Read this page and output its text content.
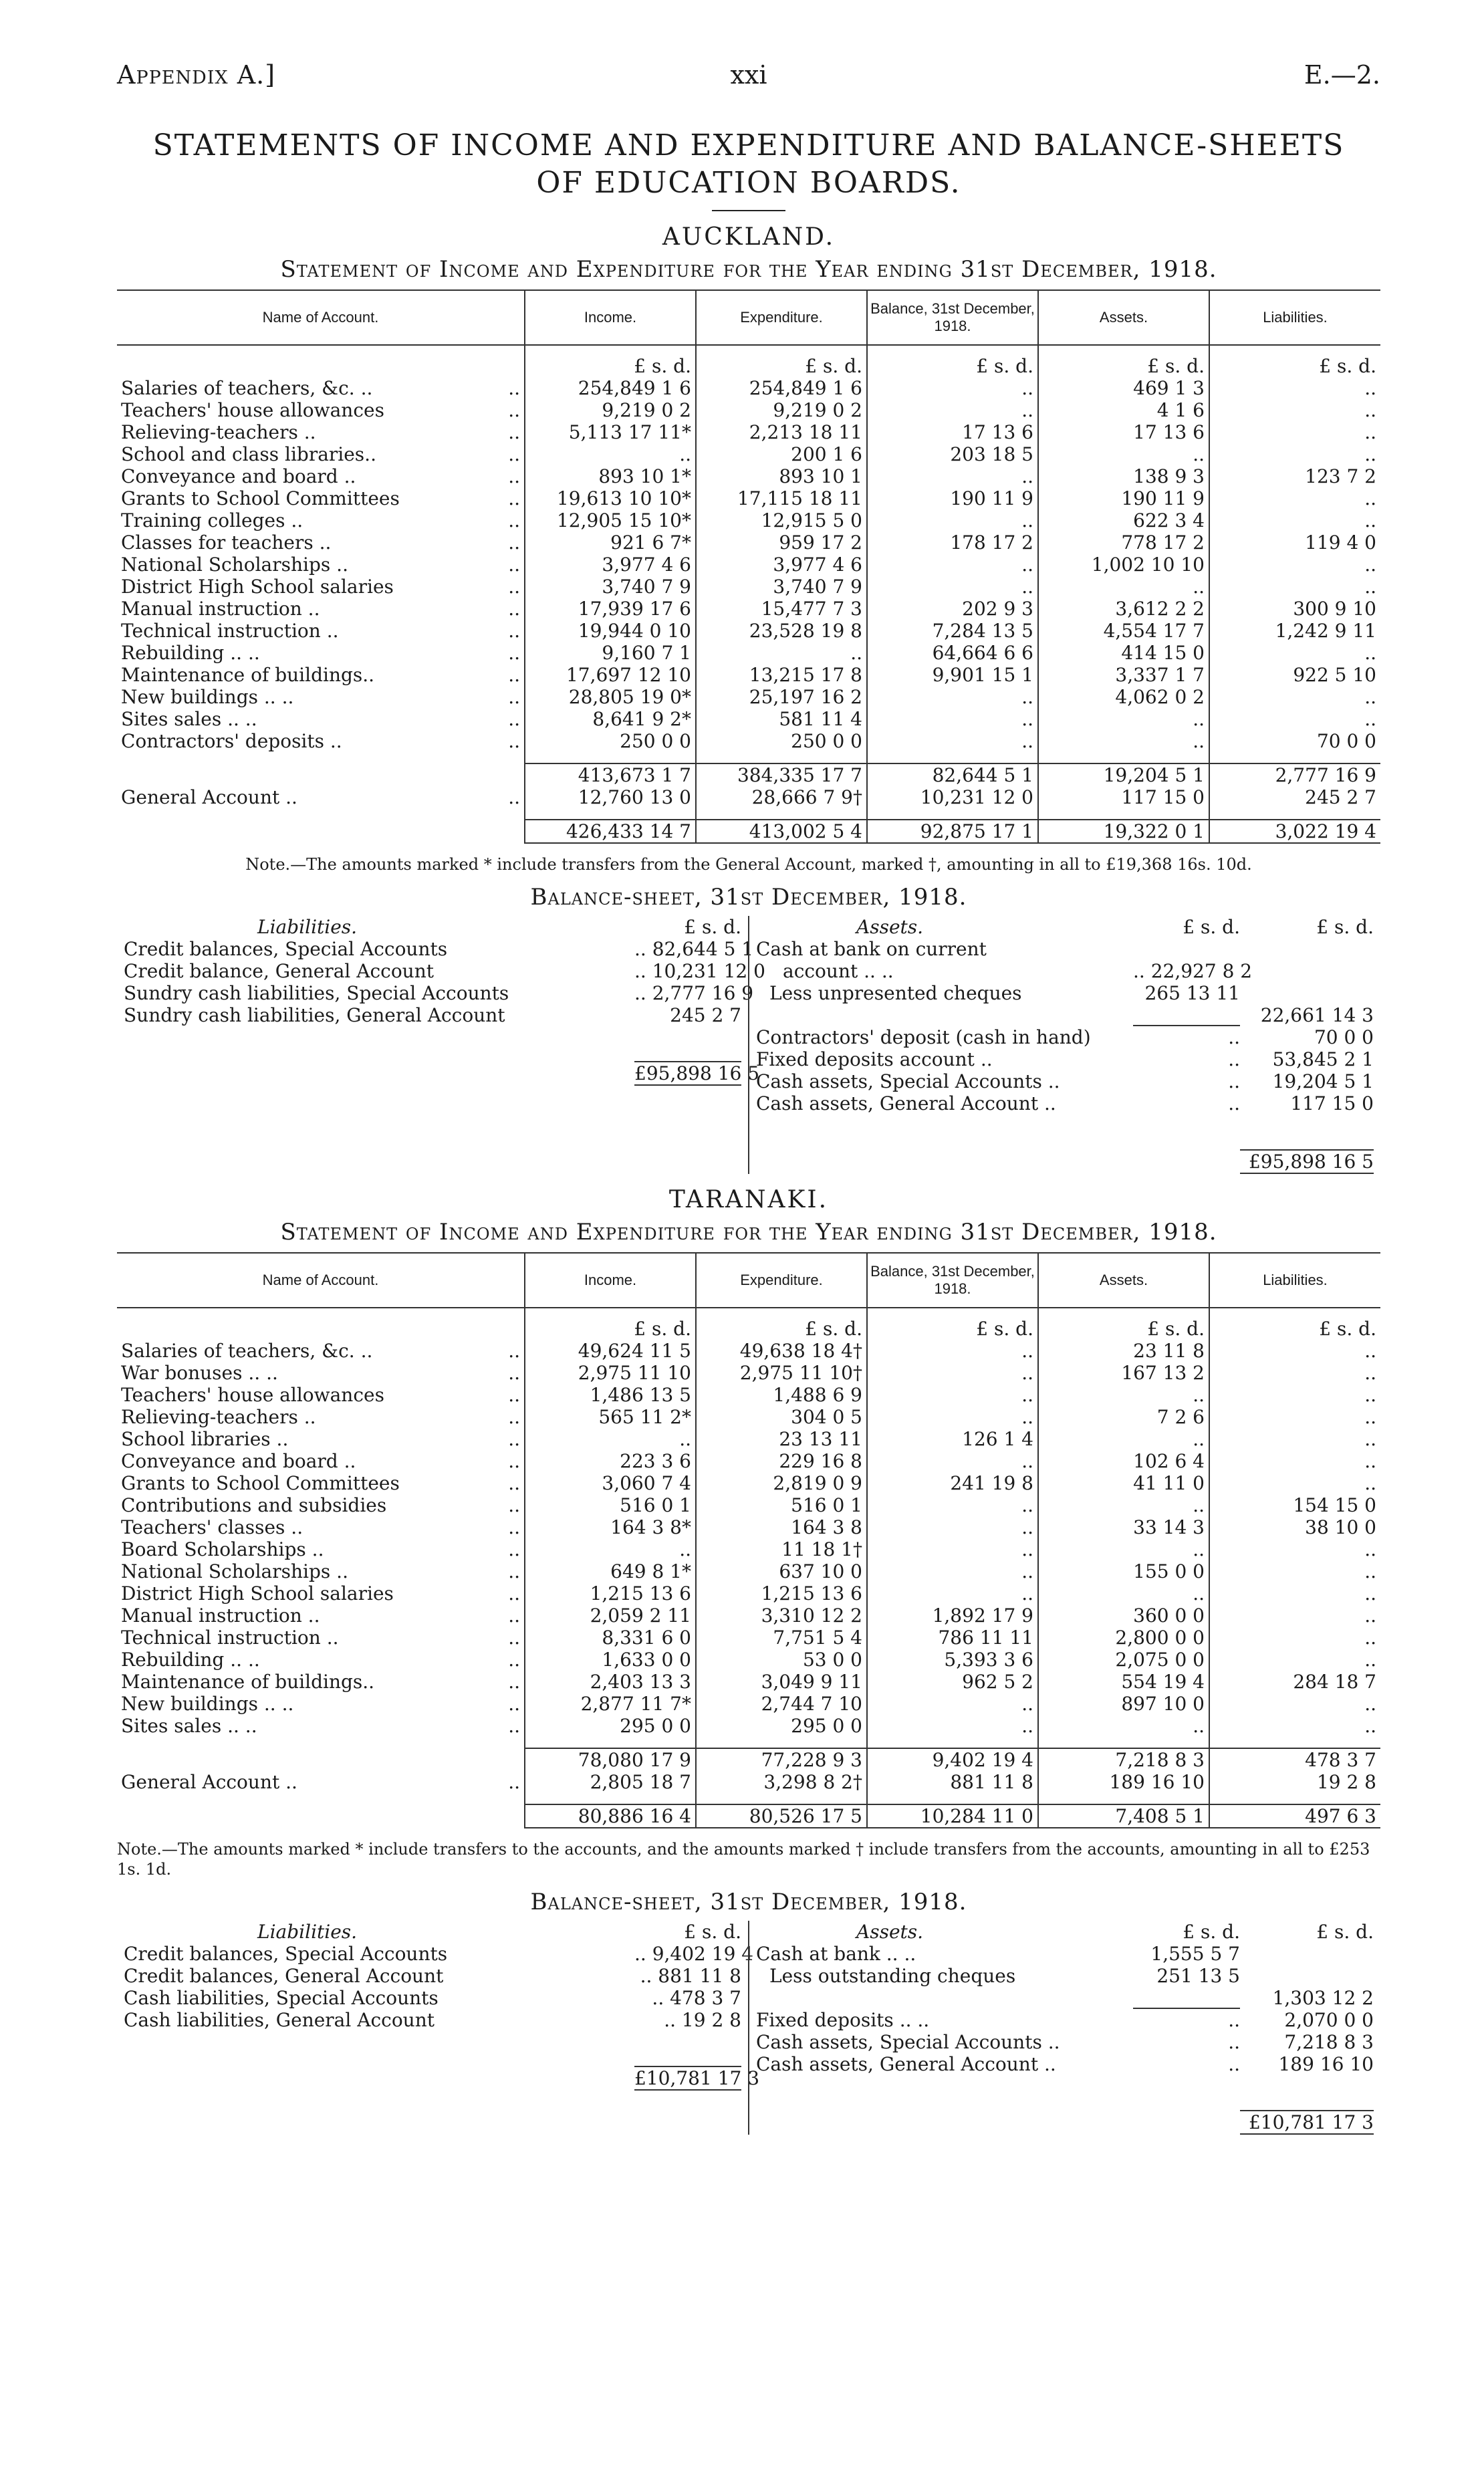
Appendix A.]	xxi	E.—2.
STATEMENTS OF INCOME AND EXPENDITURE AND BALANCE-SHEETS
OF EDUCATION BOARDS.
AUCKLAND.
Statement of Income and Expenditure for the Year ending 31st December, 1918.
Name of Account.		Income.	Expenditure.	Balance, 31st December, 1918.	Assets.	Liabilities.
		£ s. d.	£ s. d.	£ s. d.	£ s. d.	£ s. d.
Salaries of teachers, &c. ..	..	254,849 1 6	254,849 1 6	..	469 1 3	..
Teachers' house allowances	..	9,219 0 2	9,219 0 2	..	4 1 6	..
Relieving-teachers ..	..	5,113 17 11*	2,213 18 11	17 13 6	17 13 6	..
School and class libraries..	..	..	200 1 6	203 18 5	..	..
Conveyance and board ..	..	893 10 1*	893 10 1	..	138 9 3	123 7 2
Grants to School Committees	..	19,613 10 10*	17,115 18 11	190 11 9	190 11 9	..
Training colleges ..	..	12,905 15 10*	12,915 5 0	..	622 3 4	..
Classes for teachers ..	..	921 6 7*	959 17 2	178 17 2	778 17 2	119 4 0
National Scholarships ..	..	3,977 4 6	3,977 4 6	..	1,002 10 10	..
District High School salaries	..	3,740 7 9	3,740 7 9	..	..	..
Manual instruction ..	..	17,939 17 6	15,477 7 3	202 9 3	3,612 2 2	300 9 10
Technical instruction ..	..	19,944 0 10	23,528 19 8	7,284 13 5	4,554 17 7	1,242 9 11
Rebuilding .. ..	..	9,160 7 1	..	64,664 6 6	414 15 0	..
Maintenance of buildings..	..	17,697 12 10	13,215 17 8	9,901 15 1	3,337 1 7	922 5 10
New buildings .. ..	..	28,805 19 0*	25,197 16 2	..	4,062 0 2	..
Sites sales .. ..	..	8,641 9 2*	581 11 4	..	..	..
Contractors' deposits ..	..	250 0 0	250 0 0	..	..	70 0 0

		413,673 1 7	384,335 17 7	82,644 5 1	19,204 5 1	2,777 16 9
General Account ..	..	12,760 13 0	28,666 7 9†	10,231 12 0	117 15 0	245 2 7

		426,433 14 7	413,002 5 4	92,875 17 1	19,322 0 1	3,022 19 4
Note.—The amounts marked * include transfers from the General Account, marked †, amounting in all to £19,368 16s. 10d.
Balance-sheet, 31st December, 1918.
Liabilities.	£ s. d.
Credit balances, Special Accounts	.. 82,644 5 1
Credit balance, General Account	.. 10,231 12 0
Sundry cash liabilities, Special Accounts	.. 2,777 16 9
Sundry cash liabilities, General Account	245 2 7
£95,898 16 5
Assets.	£ s. d.	£ s. d.
Cash at bank on current
account .. ..	.. 22,927 8 2
Less unpresented cheques	265 13 11
22,661 14 3
Contractors' deposit (cash in hand)	..	70 0 0
Fixed deposits account ..	..	53,845 2 1
Cash assets, Special Accounts ..	..	19,204 5 1
Cash assets, General Account ..	..	117 15 0
£95,898 16 5
TARANAKI.
Statement of Income and Expenditure for the Year ending 31st December, 1918.
Name of Account.		Income.	Expenditure.	Balance, 31st December, 1918.	Assets.	Liabilities.
		£ s. d.	£ s. d.	£ s. d.	£ s. d.	£ s. d.
Salaries of teachers, &c. ..	..	49,624 11 5	49,638 18 4†	..	23 11 8	..
War bonuses .. ..	..	2,975 11 10	2,975 11 10†	..	167 13 2	..
Teachers' house allowances	..	1,486 13 5	1,488 6 9	..	..	..
Relieving-teachers ..	..	565 11 2*	304 0 5	..	7 2 6	..
School libraries ..	..	..	23 13 11	126 1 4	..	..
Conveyance and board ..	..	223 3 6	229 16 8	..	102 6 4	..
Grants to School Committees	..	3,060 7 4	2,819 0 9	241 19 8	41 11 0	..
Contributions and subsidies	..	516 0 1	516 0 1	..	..	154 15 0
Teachers' classes ..	..	164 3 8*	164 3 8	..	33 14 3	38 10 0
Board Scholarships ..	..	..	11 18 1†	..	..	..
National Scholarships ..	..	649 8 1*	637 10 0	..	155 0 0	..
District High School salaries	..	1,215 13 6	1,215 13 6	..	..	..
Manual instruction ..	..	2,059 2 11	3,310 12 2	1,892 17 9	360 0 0	..
Technical instruction ..	..	8,331 6 0	7,751 5 4	786 11 11	2,800 0 0	..
Rebuilding .. ..	..	1,633 0 0	53 0 0	5,393 3 6	2,075 0 0	..
Maintenance of buildings..	..	2,403 13 3	3,049 9 11	962 5 2	554 19 4	284 18 7
New buildings .. ..	..	2,877 11 7*	2,744 7 10	..	897 10 0	..
Sites sales .. ..	..	295 0 0	295 0 0	..	..	..

		78,080 17 9	77,228 9 3	9,402 19 4	7,218 8 3	478 3 7
General Account ..	..	2,805 18 7	3,298 8 2†	881 11 8	189 16 10	19 2 8

		80,886 16 4	80,526 17 5	10,284 11 0	7,408 5 1	497 6 3
Note.—The amounts marked * include transfers to the accounts, and the amounts marked † include transfers from the accounts, amounting in all to £253 1s. 1d.
Balance-sheet, 31st December, 1918.
Liabilities.	£ s. d.
Credit balances, Special Accounts	.. 9,402 19 4
Credit balances, General Account	.. 881 11 8
Cash liabilities, Special Accounts	.. 478 3 7
Cash liabilities, General Account	.. 19 2 8
£10,781 17 3
Assets.	£ s. d.	£ s. d.
Cash at bank .. ..	1,555 5 7
Less outstanding cheques	251 13 5
1,303 12 2
Fixed deposits .. ..	..	2,070 0 0
Cash assets, Special Accounts ..	..	7,218 8 3
Cash assets, General Account ..	..	189 16 10
£10,781 17 3
